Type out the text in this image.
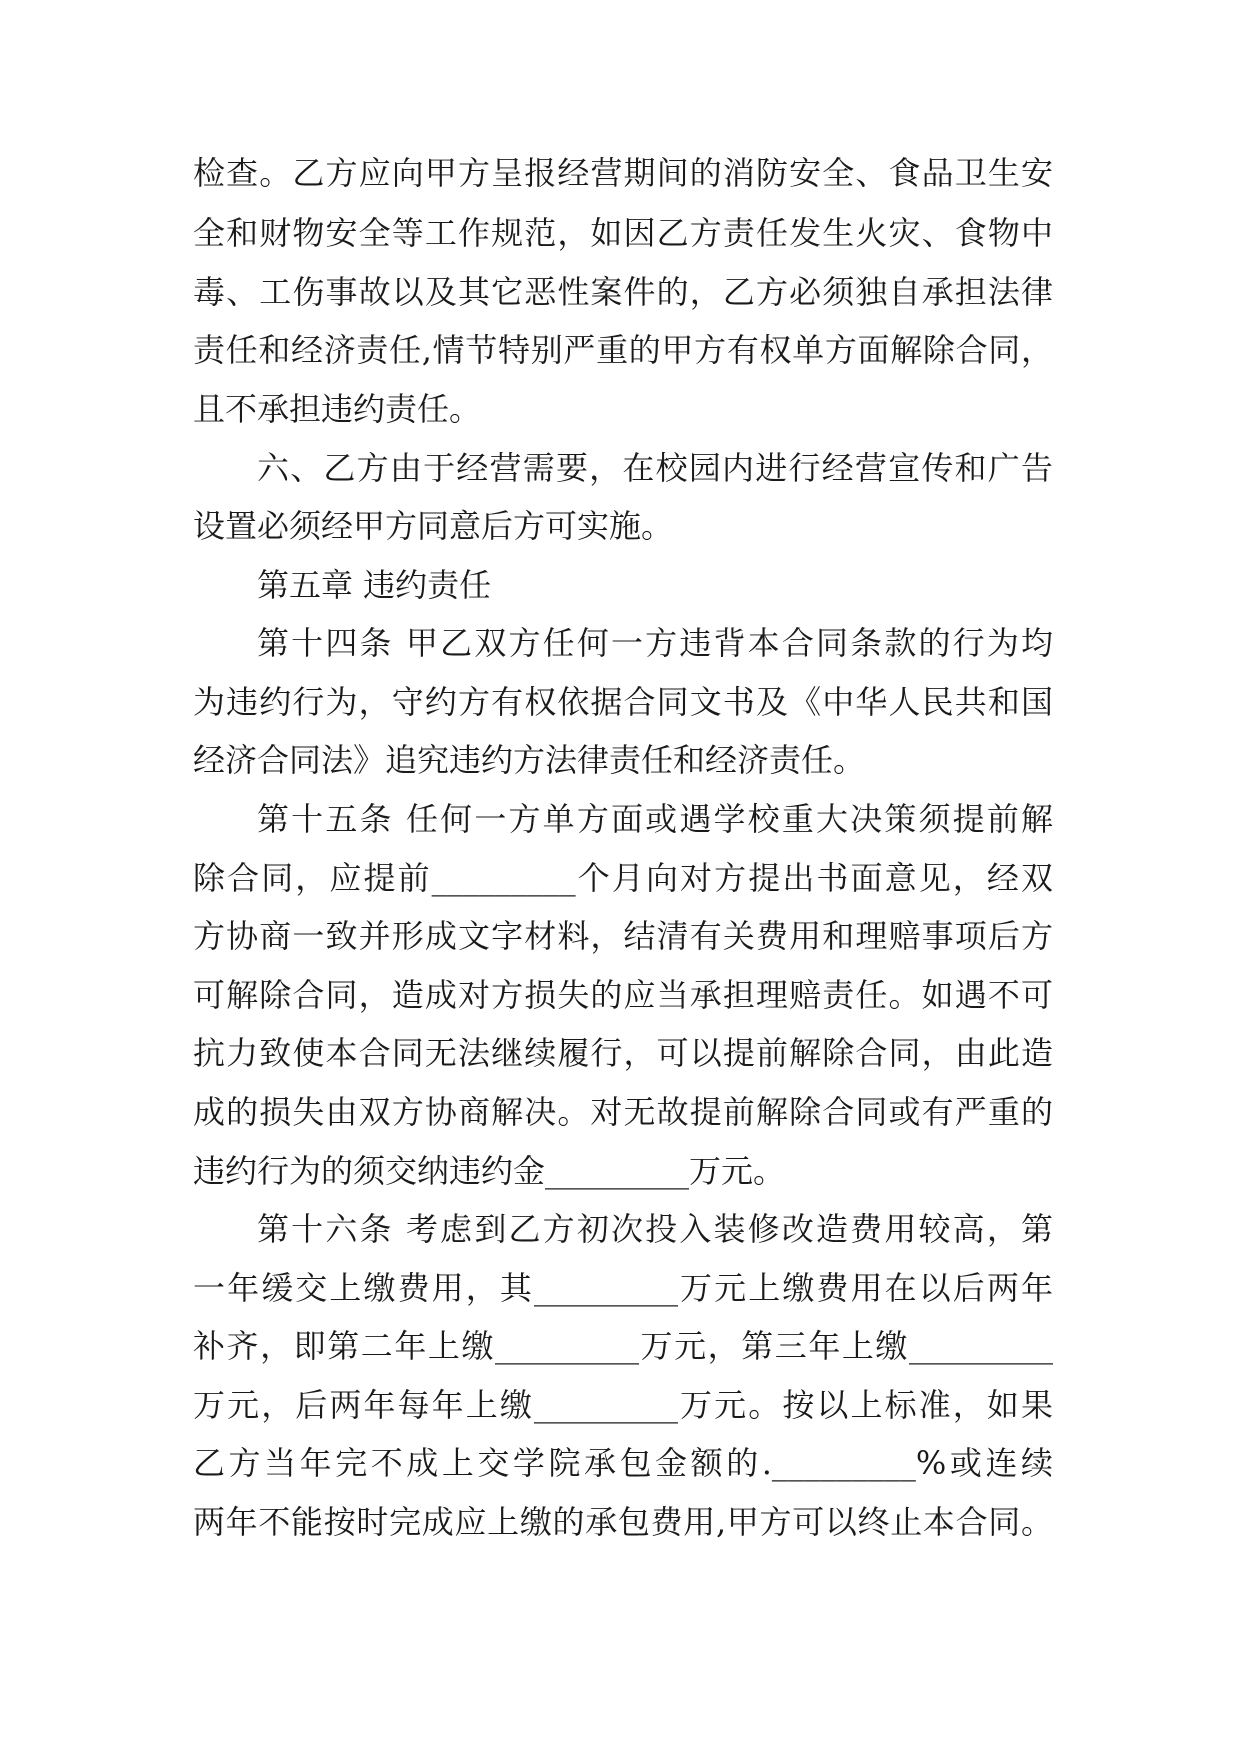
检查。乙方应向甲方呈报经营期间的消防安全、食品卫生安
全和财物安全等工作规范，如因乙方责任发生火灾、食物中
毒、工伤事故以及其它恶性案件的，乙方必须独自承担法律
责任和经济责任,情节特别严重的甲方有权单方面解除合同，
且不承担违约责任。
六、乙方由于经营需要，在校园内进行经营宣传和广告
设置必须经甲方同意后方可实施。
第五章 违约责任
第十四条 甲乙双方任何一方违背本合同条款的行为均
为违约行为，守约方有权依据合同文书及《中华人民共和国
经济合同法》追究违约方法律责任和经济责任。
第十五条 任何一方单方面或遇学校重大决策须提前解
除合同，应提前_________个月向对方提出书面意见，经双
方协商一致并形成文字材料，结清有关费用和理赔事项后方
可解除合同，造成对方损失的应当承担理赔责任。如遇不可
抗力致使本合同无法继续履行，可以提前解除合同，由此造
成的损失由双方协商解决。对无故提前解除合同或有严重的
违约行为的须交纳违约金_________万元。
第十六条 考虑到乙方初次投入装修改造费用较高，第
一年缓交上缴费用，其_________万元上缴费用在以后两年
补齐，即第二年上缴_________万元，第三年上缴_________
万元，后两年每年上缴_________万元。按以上标准，如果
乙方当年完不成上交学院承包金额的._________%或连续
两年不能按时完成应上缴的承包费用,甲方可以终止本合同。
